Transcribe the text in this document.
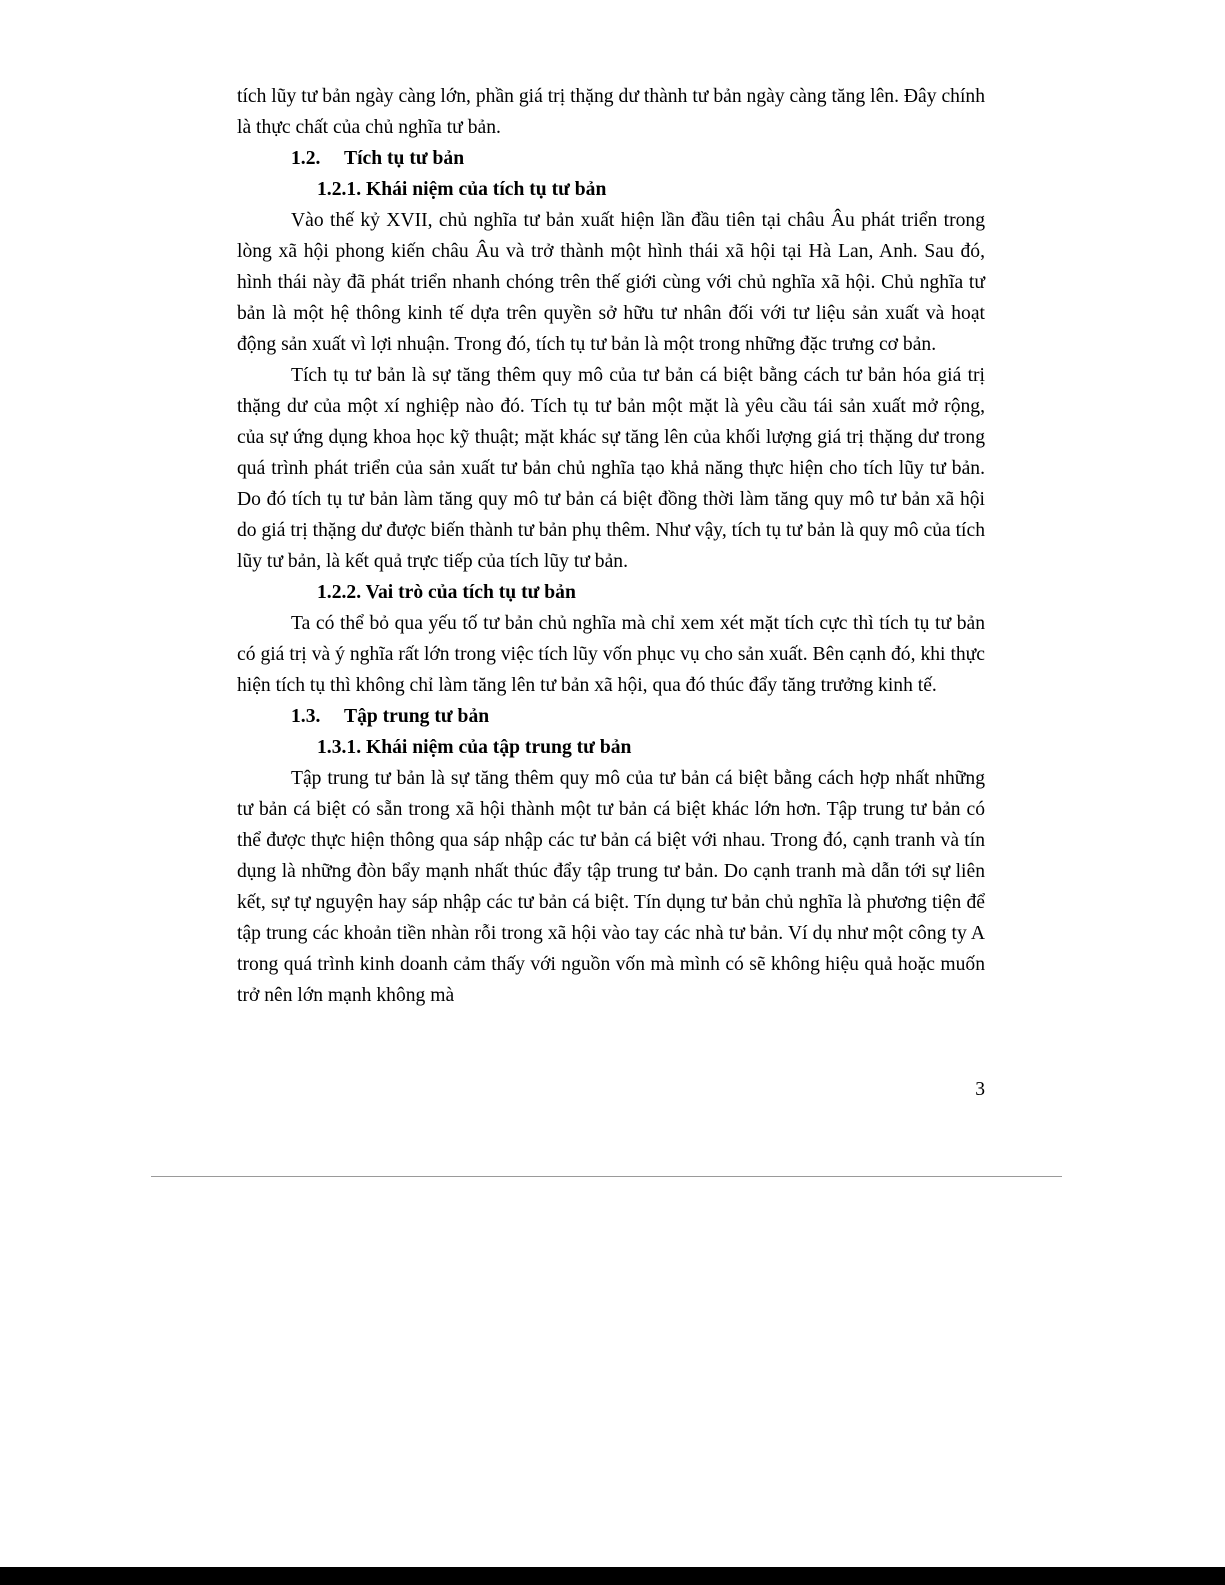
tích lũy tư bản ngày càng lớn, phần giá trị thặng dư thành tư bản ngày càng tăng lên. Đây chính là thực chất của chủ nghĩa tư bản.

1.2. Tích tụ tư bản

1.2.1. Khái niệm của tích tụ tư bản

Vào thế kỷ XVII, chủ nghĩa tư bản xuất hiện lần đầu tiên tại châu Âu phát triển trong lòng xã hội phong kiến châu Âu và trở thành một hình thái xã hội tại Hà Lan, Anh. Sau đó, hình thái này đã phát triển nhanh chóng trên thế giới cùng với chủ nghĩa xã hội. Chủ nghĩa tư bản là một hệ thông kinh tế dựa trên quyền sở hữu tư nhân đối với tư liệu sản xuất và hoạt động sản xuất vì lợi nhuận. Trong đó, tích tụ tư bản là một trong những đặc trưng cơ bản.

Tích tụ tư bản là sự tăng thêm quy mô của tư bản cá biệt bằng cách tư bản hóa giá trị thặng dư của một xí nghiệp nào đó. Tích tụ tư bản một mặt là yêu cầu tái sản xuất mở rộng, của sự ứng dụng khoa học kỹ thuật; mặt khác sự tăng lên của khối lượng giá trị thặng dư trong quá trình phát triển của sản xuất tư bản chủ nghĩa tạo khả năng thực hiện cho tích lũy tư bản. Do đó tích tụ tư bản làm tăng quy mô tư bản cá biệt đồng thời làm tăng quy mô tư bản xã hội do giá trị thặng dư được biến thành tư bản phụ thêm. Như vậy, tích tụ tư bản là quy mô của tích lũy tư bản, là kết quả trực tiếp của tích lũy tư bản.

1.2.2. Vai trò của tích tụ tư bản

Ta có thể bỏ qua yếu tố tư bản chủ nghĩa mà chỉ xem xét mặt tích cực thì tích tụ tư bản có giá trị và ý nghĩa rất lớn trong việc tích lũy vốn phục vụ cho sản xuất. Bên cạnh đó, khi thực hiện tích tụ thì không chỉ làm tăng lên tư bản xã hội, qua đó thúc đẩy tăng trưởng kinh tế.

1.3. Tập trung tư bản

1.3.1. Khái niệm của tập trung tư bản

Tập trung tư bản là sự tăng thêm quy mô của tư bản cá biệt bằng cách hợp nhất những tư bản cá biệt có sẵn trong xã hội thành một tư bản cá biệt khác lớn hơn. Tập trung tư bản có thể được thực hiện thông qua sáp nhập các tư bản cá biệt với nhau. Trong đó, cạnh tranh và tín dụng là những đòn bẩy mạnh nhất thúc đẩy tập trung tư bản. Do cạnh tranh mà dẫn tới sự liên kết, sự tự nguyện hay sáp nhập các tư bản cá biệt. Tín dụng tư bản chủ nghĩa là phương tiện để tập trung các khoản tiền nhàn rỗi trong xã hội vào tay các nhà tư bản. Ví dụ như một công ty A trong quá trình kinh doanh cảm thấy với nguồn vốn mà mình có sẽ không hiệu quả hoặc muốn trở nên lớn mạnh không mà

3
